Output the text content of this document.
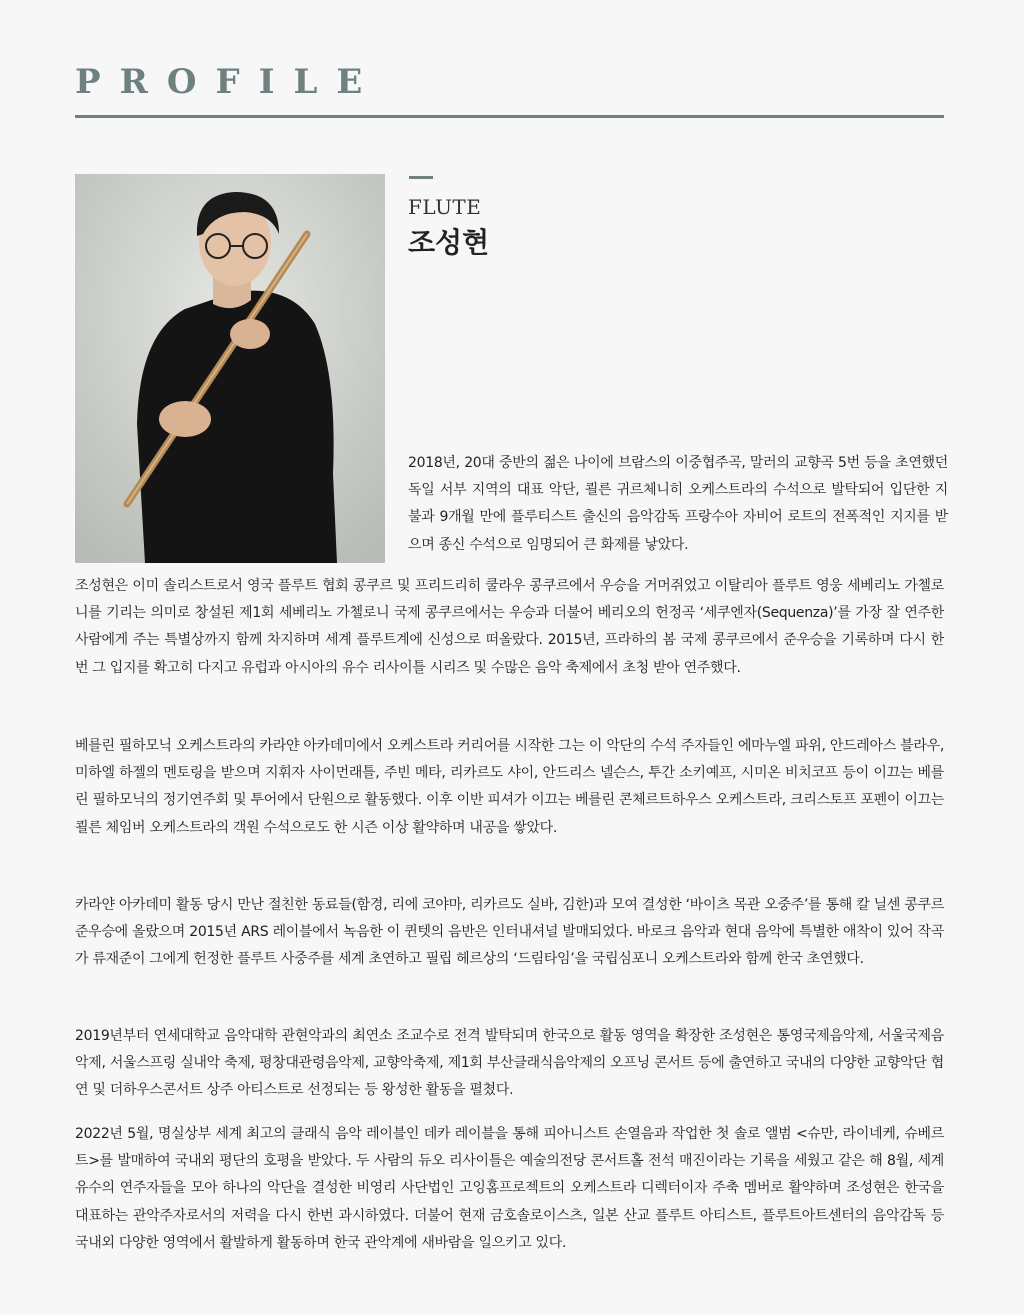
PROFILE
FLUTE
조성현

2018년, 20대 중반의 젊은 나이에 브람스의 이중협주곡, 말러의 교향곡 5번 등을 초연했던 독일 서부 지역의 대표 악단, 쾰른 귀르체니히 오케스트라의 수석으로 발탁되어 입단한 지 불과 9개월 만에 플루티스트 출신의 음악감독 프랑수아 자비어 로트의 전폭적인 지지를 받으며 종신 수석으로 임명되어 큰 화제를 낳았다.

조성현은 이미 솔리스트로서 영국 플루트 협회 콩쿠르 및 프리드리히 쿨라우 콩쿠르에서 우승을 거머쥐었고 이탈리아 플루트 영웅 세베리노 가첼로니를 기리는 의미로 창설된 제1회 세베리노 가첼로니 국제 콩쿠르에서는 우승과 더불어 베리오의 헌정곡 ‘세쿠엔자(Sequenza)’를 가장 잘 연주한 사람에게 주는 특별상까지 함께 차지하며 세계 플루트계에 신성으로 떠올랐다. 2015년, 프라하의 봄 국제 콩쿠르에서 준우승을 기록하며 다시 한 번 그 입지를 확고히 다지고 유럽과 아시아의 유수 리사이틀 시리즈 및 수많은 음악 축제에서 초청 받아 연주했다.

베를린 필하모닉 오케스트라의 카라얀 아카데미에서 오케스트라 커리어를 시작한 그는 이 악단의 수석 주자들인 에마누엘 파위, 안드레아스 블라우, 미하엘 하젤의 멘토링을 받으며 지휘자 사이먼래틀, 주빈 메타, 리카르도 샤이, 안드리스 넬슨스, 투간 소키예프, 시미온 비치코프 등이 이끄는 베를린 필하모닉의 정기연주회 및 투어에서 단원으로 활동했다. 이후 이반 피셔가 이끄는 베를린 콘체르트하우스 오케스트라, 크리스토프 포펜이 이끄는 쾰른 체임버 오케스트라의 객원 수석으로도 한 시즌 이상 활약하며 내공을 쌓았다.

카라얀 아카데미 활동 당시 만난 절친한 동료들(함경, 리에 코야마, 리카르도 실바, 김한)과 모여 결성한 ‘바이츠 목관 오중주’를 통해 칼 닐센 콩쿠르 준우승에 올랐으며 2015년 ARS 레이블에서 녹음한 이 퀸텟의 음반은 인터내셔널 발매되었다. 바로크 음악과 현대 음악에 특별한 애착이 있어 작곡가 류재준이 그에게 헌정한 플루트 사중주를 세계 초연하고 필립 헤르상의 ‘드림타임’을 국립심포니 오케스트라와 함께 한국 초연했다.

2019년부터 연세대학교 음악대학 관현악과의 최연소 조교수로 전격 발탁되며 한국으로 활동 영역을 확장한 조성현은 통영국제음악제, 서울국제음악제, 서울스프링 실내악 축제, 평창대관령음악제, 교향악축제, 제1회 부산클래식음악제의 오프닝 콘서트 등에 출연하고 국내의 다양한 교향악단 협연 및 더하우스콘서트 상주 아티스트로 선정되는 등 왕성한 활동을 펼쳤다.

2022년 5월, 명실상부 세계 최고의 클래식 음악 레이블인 데카 레이블을 통해 피아니스트 손열음과 작업한 첫 솔로 앨범 <슈만, 라이네케, 슈베르트>를 발매하여 국내외 평단의 호평을 받았다. 두 사람의 듀오 리사이틀은 예술의전당 콘서트홀 전석 매진이라는 기록을 세웠고 같은 해 8월, 세계 유수의 연주자들을 모아 하나의 악단을 결성한 비영리 사단법인 고잉홈프로젝트의 오케스트라 디렉터이자 주축 멤버로 활약하며 조성현은 한국을 대표하는 관악주자로서의 저력을 다시 한번 과시하였다. 더불어 현재 금호솔로이스츠, 일본 산교 플루트 아티스트, 플루트아트센터의 음악감독 등 국내외 다양한 영역에서 활발하게 활동하며 한국 관악계에 새바람을 일으키고 있다.
